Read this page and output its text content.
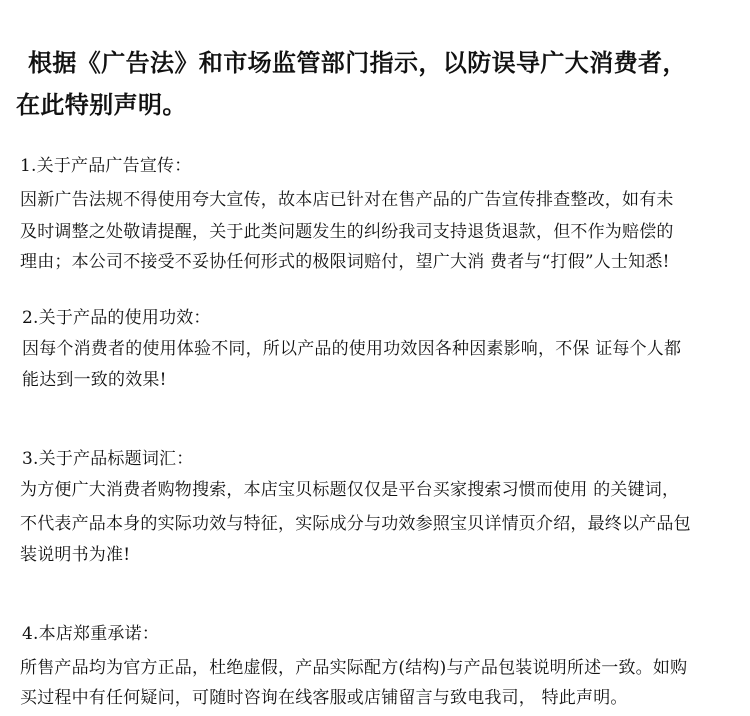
根据《广告法》和市场监管部门指示，以防误导广大消费者，
在此特别声明。
1.关于产品广告宣传：
因新广告法规不得使用夸大宣传，故本店已针对在售产品的广告宣传排查整改，如有未
及时调整之处敬请提醒，关于此类问题发生的纠纷我司支持退货退款，但不作为赔偿的
理由；本公司不接受不妥协任何形式的极限词赔付，望广大消 费者与“打假”人士知悉!
2.关于产品的使用功效：
因每个消费者的使用体验不同，所以产品的使用功效因各种因素影响，不保 证每个人都
能达到一致的效果!
3.关于产品标题词汇：
为方便广大消费者购物搜索，本店宝贝标题仅仅是平台买家搜索习惯而使用 的关键词，
不代表产品本身的实际功效与特征，实际成分与功效参照宝贝详情页介绍，最终以产品包
装说明书为准!
4.本店郑重承诺：
所售产品均为官方正品，杜绝虚假，产品实际配方(结构)与产品包装说明所述一致。如购
买过程中有任何疑问，可随时咨询在线客服或店铺留言与致电我司， 特此声明。
